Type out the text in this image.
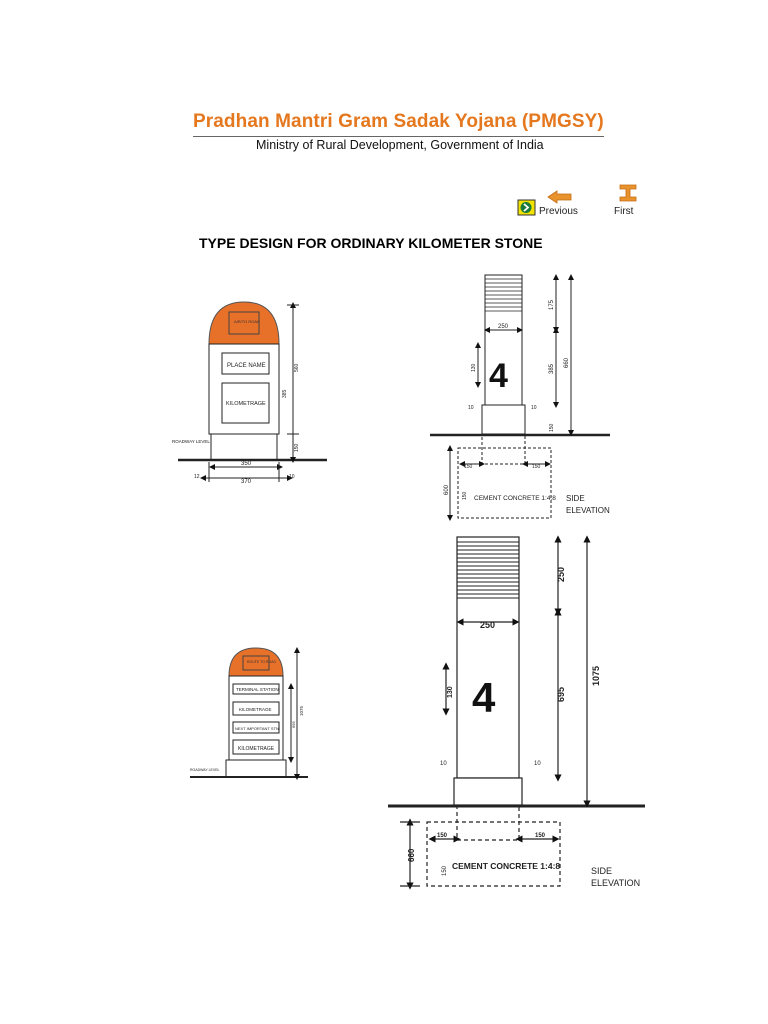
Pradhan Mantri Gram Sadak Yojana (PMGSY)
Ministry of Rural Development, Government of India
Previous	First
TYPE DESIGN FOR ORDINARY KILOMETER STONE
AIR/TO ROAD
PLACE NAME
KILOMETRAGE
ROADWAY LEVEL
350
370
12	10
385
560
150
4
250
175
385
660
130
150
10	10
150	150
600
150 CEMENT CONCRETE 1:4:8 SIDE
ELEVATION
ROUTE TO ROAD
TERMINAL STATION
KILOMETRAGE
NEXT IMPORTANT STN.
KILOMETRAGE
ROADWAY LEVEL
1075
695
4
250
250
695
1075
130
10	10
150	150
660
150 CEMENT CONCRETE 1:4:8	SIDE
ELEVATION
